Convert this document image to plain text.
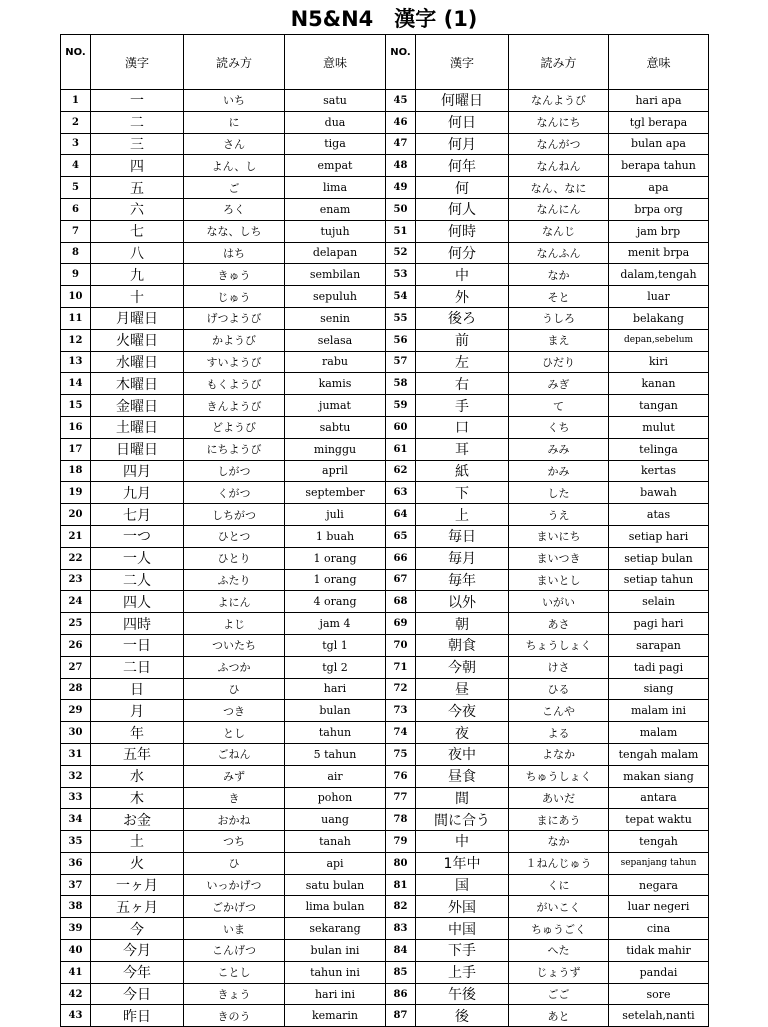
N5&N4　漢字 (1)
NO.	漢字	読み方	意味	NO.	漢字	読み方	意味
1	一	いち	satu	45	何曜日	なんようび	hari apa
2	二	に	dua	46	何日	なんにち	tgl berapa
3	三	さん	tiga	47	何月	なんがつ	bulan apa
4	四	よん、し	empat	48	何年	なんねん	berapa tahun
5	五	ご	lima	49	何	なん、なに	apa
6	六	ろく	enam	50	何人	なんにん	brpa org
7	七	なな、しち	tujuh	51	何時	なんじ	jam brp
8	八	はち	delapan	52	何分	なんふん	menit brpa
9	九	きゅう	sembilan	53	中	なか	dalam,tengah
10	十	じゅう	sepuluh	54	外	そと	luar
11	月曜日	げつようび	senin	55	後ろ	うしろ	belakang
12	火曜日	かようび	selasa	56	前	まえ	depan,sebelum
13	水曜日	すいようび	rabu	57	左	ひだり	kiri
14	木曜日	もくようび	kamis	58	右	みぎ	kanan
15	金曜日	きんようび	jumat	59	手	て	tangan
16	土曜日	どようび	sabtu	60	口	くち	mulut
17	日曜日	にちようび	minggu	61	耳	みみ	telinga
18	四月	しがつ	april	62	紙	かみ	kertas
19	九月	くがつ	september	63	下	した	bawah
20	七月	しちがつ	juli	64	上	うえ	atas
21	一つ	ひとつ	1 buah	65	毎日	まいにち	setiap hari
22	一人	ひとり	1 orang	66	毎月	まいつき	setiap bulan
23	二人	ふたり	1 orang	67	毎年	まいとし	setiap tahun
24	四人	よにん	4 orang	68	以外	いがい	selain
25	四時	よじ	jam 4	69	朝	あさ	pagi hari
26	一日	ついたち	tgl 1	70	朝食	ちょうしょく	sarapan
27	二日	ふつか	tgl 2	71	今朝	けさ	tadi pagi
28	日	ひ	hari	72	昼	ひる	siang
29	月	つき	bulan	73	今夜	こんや	malam ini
30	年	とし	tahun	74	夜	よる	malam
31	五年	ごねん	5 tahun	75	夜中	よなか	tengah malam
32	水	みず	air	76	昼食	ちゅうしょく	makan siang
33	木	き	pohon	77	間	あいだ	antara
34	お金	おかね	uang	78	間に合う	まにあう	tepat waktu
35	土	つち	tanah	79	中	なか	tengah
36	火	ひ	api	80	1年中	１ねんじゅう	sepanjang tahun
37	一ヶ月	いっかげつ	satu bulan	81	国	くに	negara
38	五ヶ月	ごかげつ	lima bulan	82	外国	がいこく	luar negeri
39	今	いま	sekarang	83	中国	ちゅうごく	cina
40	今月	こんげつ	bulan ini	84	下手	へた	tidak mahir
41	今年	ことし	tahun ini	85	上手	じょうず	pandai
42	今日	きょう	hari ini	86	午後	ごご	sore
43	昨日	きのう	kemarin	87	後	あと	setelah,nanti
